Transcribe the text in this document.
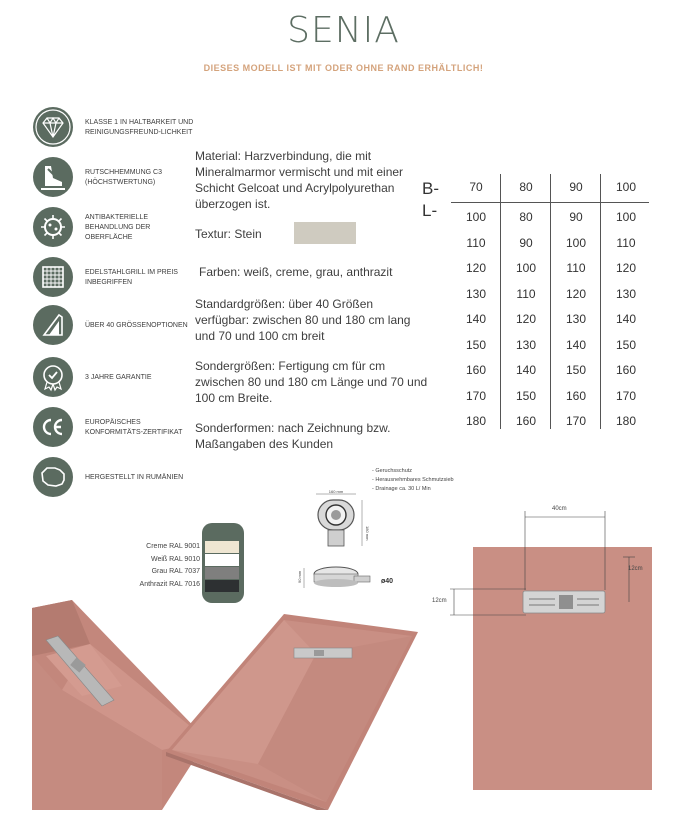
SENIA
DIESES MODELL IST MIT ODER OHNE RAND ERHÄLTLICH!
KLASSE 1 IN HALTBARKEIT UND REINIGUNGSFREUND-LICHKEIT
RUTSCHHEMMUNG C3 (HÖCHSTWERTUNG)
ANTIBAKTERIELLE BEHANDLUNG DER OBERFLÄCHE
EDELSTAHLGRILL IM PREIS INBEGRIFFEN
ÜBER 40 GRÖSSENOPTIONEN
3 JAHRE GARANTIE
EUROPÄISCHES KONFORMITÄTS-ZERTIFIKAT
HERGESTELLT IN RUMÄNIEN
Material: Harzverbindung, die mit Mineralmarmor vermischt und mit einer Schicht Gelcoat und Acrylpolyurethan überzogen ist.
Textur: Stein
Farben: weiß, creme, grau, anthrazit
Standardgrößen: über 40 Größen verfügbar: zwischen 80 und 180 cm lang und 70 und 100 cm breit
Sondergrößen: Fertigung cm für cm zwischen 80 und 180 cm Länge und 70 und 100 cm Breite.
Sonderformen: nach Zeichnung bzw. Maßangaben des Kunden
B-
L-
70	80	90	100
100	80	90	100
110	90	100	110
120	100	110	120
130	110	120	130
140	120	130	140
150	130	140	150
160	140	150	160
170	150	160	170
180	160	170	180
- Geruchsschutz
- Herausnehmbares Schmutzsieb
- Drainage ca. 30 L/ Min
160 mm
180 mm
90 mm	ø40
Creme RAL 9001
Weiß RAL 9010
Grau RAL 7037
Anthrazit RAL 7016
40cm
12cm
12cm
